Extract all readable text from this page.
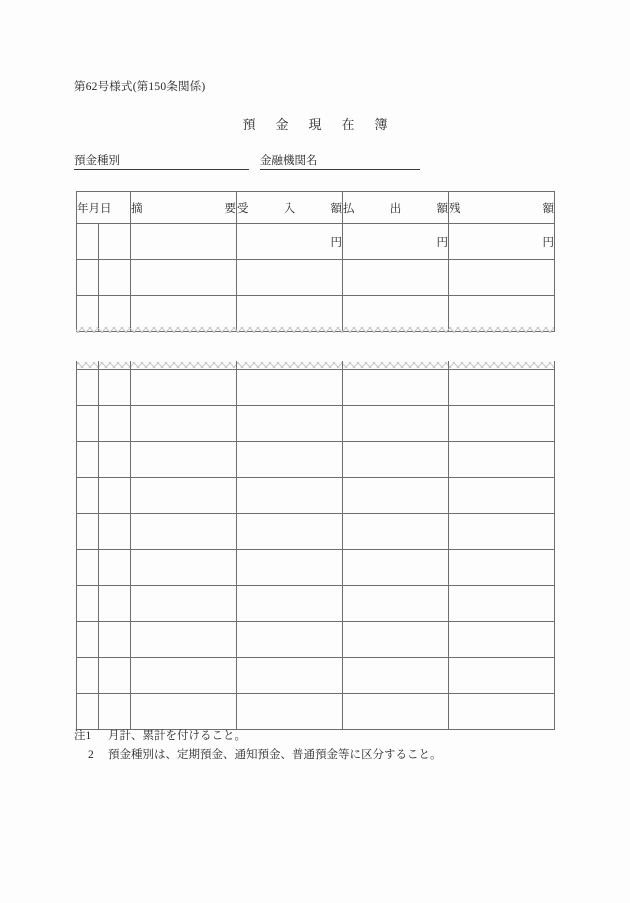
第62号様式(第150条関係)
預 金 現 在 簿
預金種別	金融機関名
年月日		摘 要	受 入 額	払 出 額	残 額

			円	円	円

注1	月計、累計を付けること。
2	預金種別は、定期預金、通知預金、普通預金等に区分すること。
